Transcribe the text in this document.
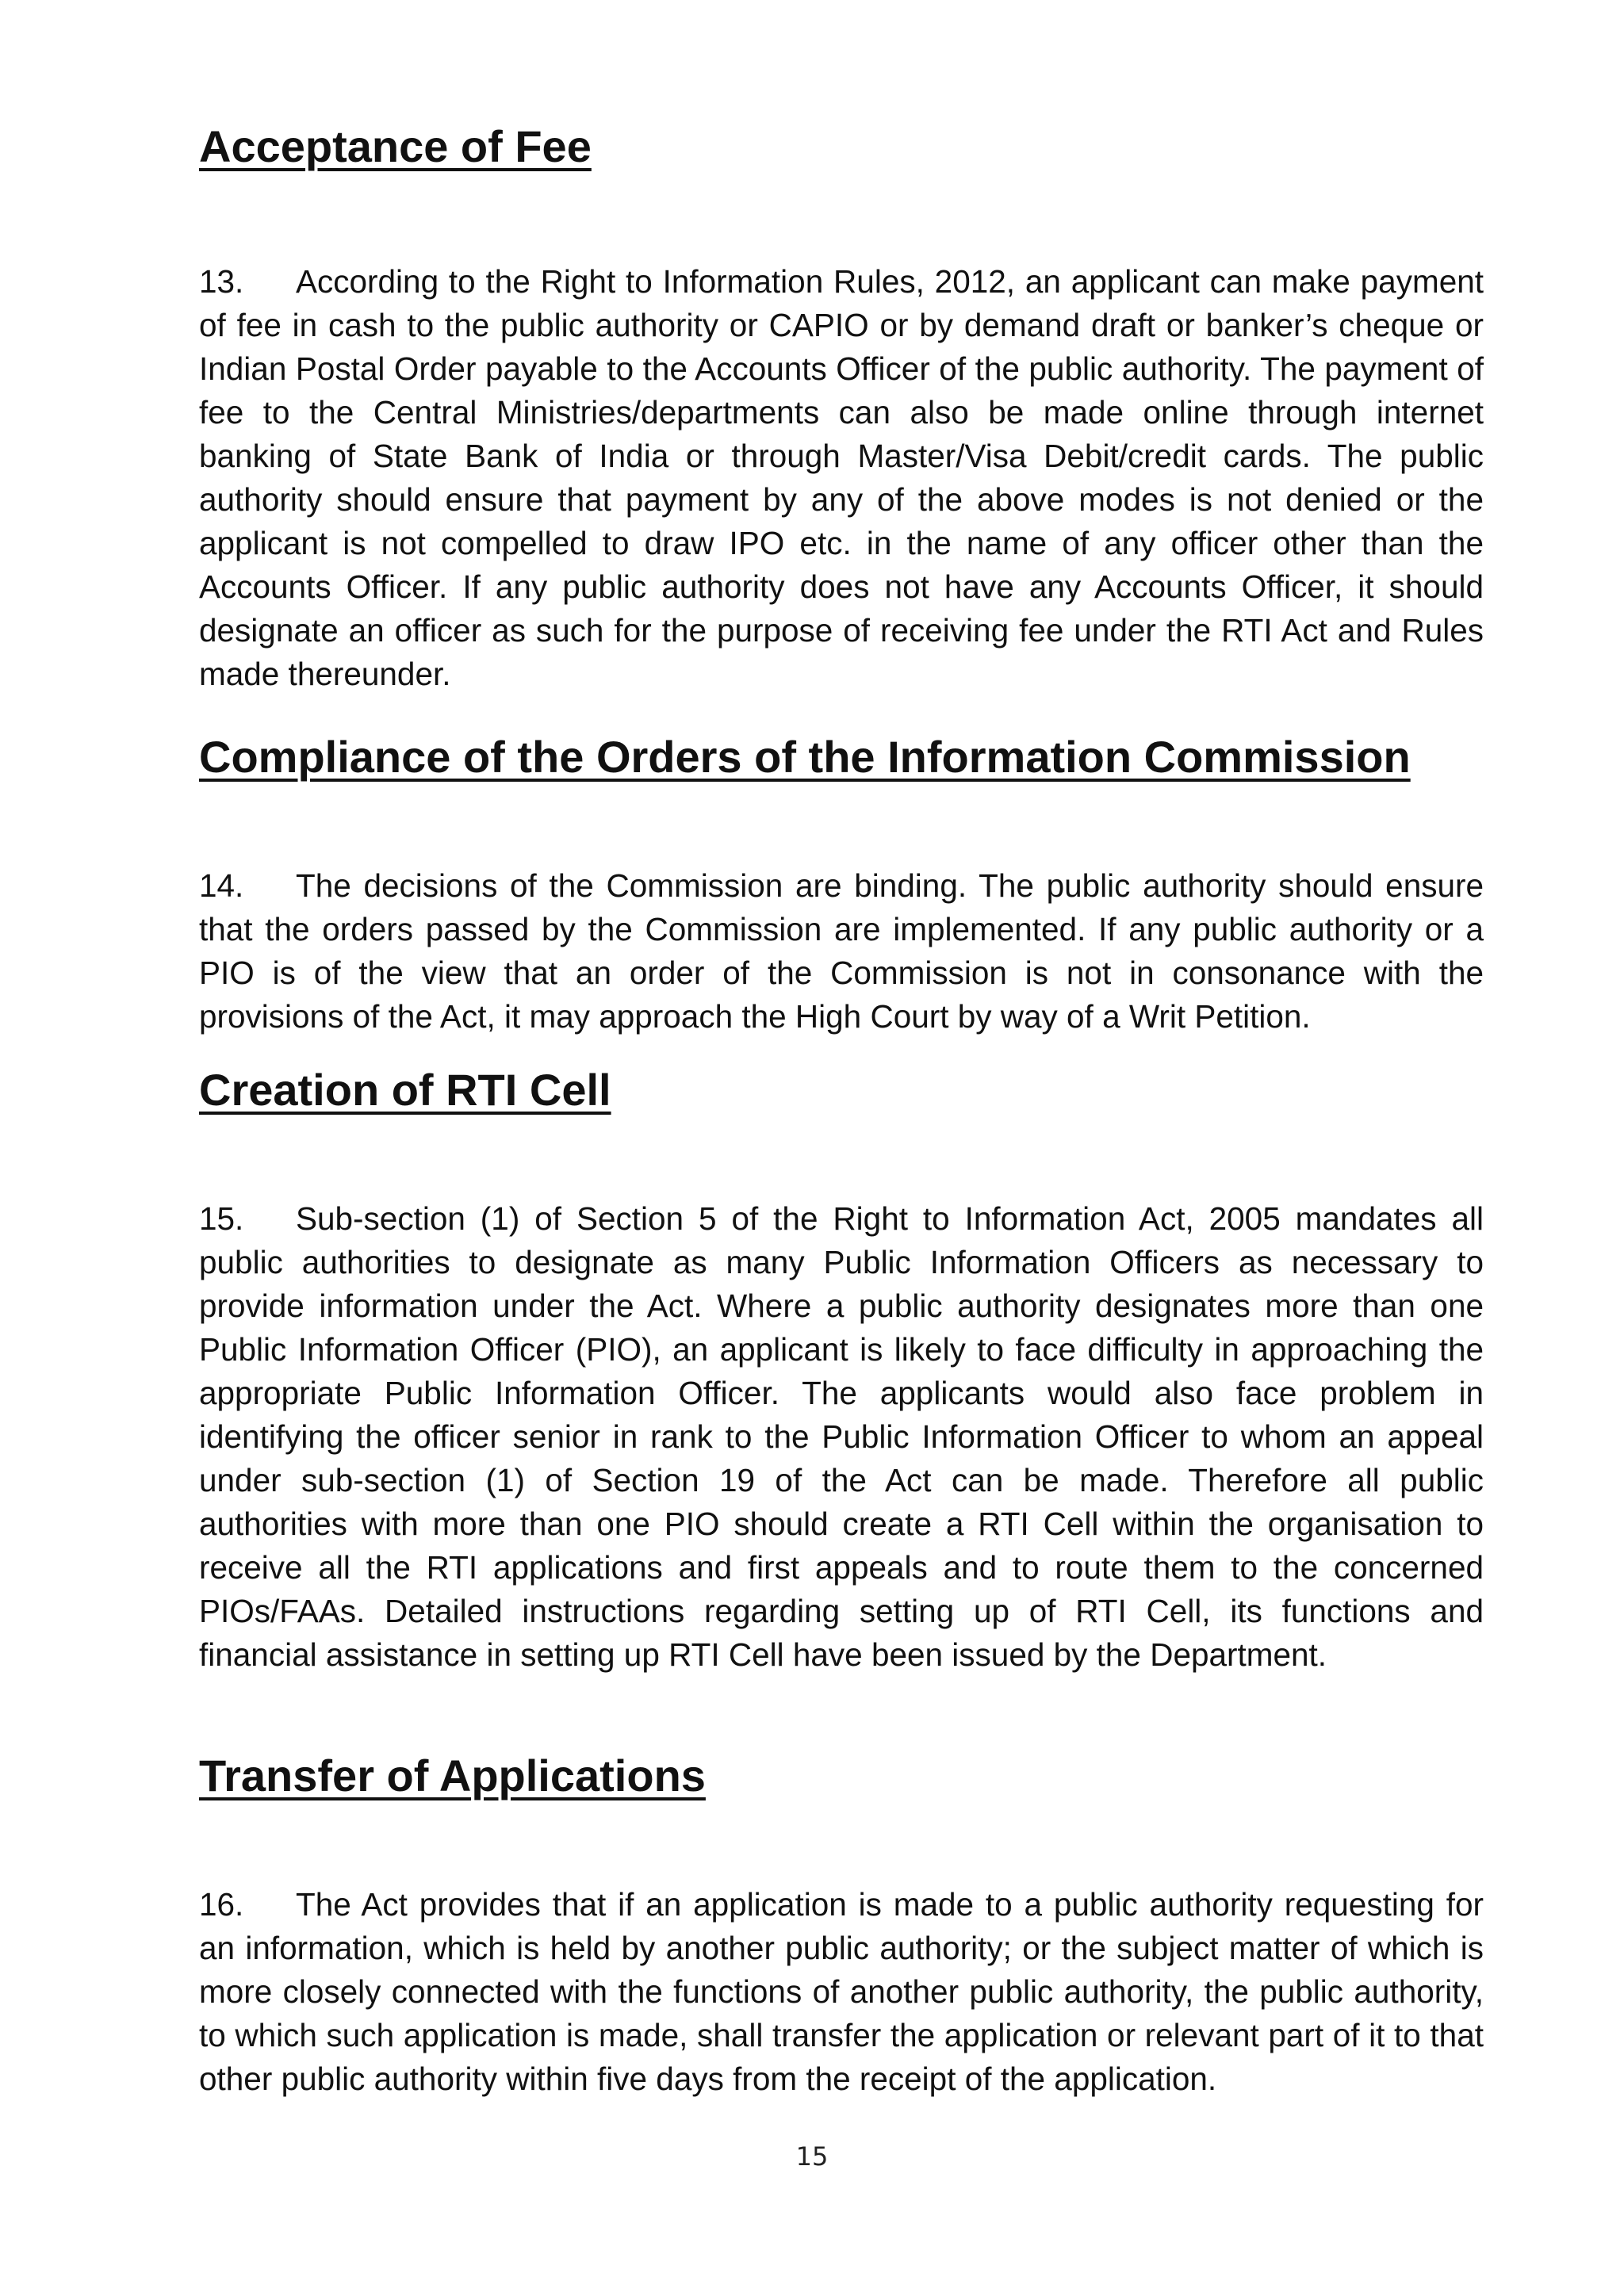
Acceptance of Fee

13. According to the Right to Information Rules, 2012, an applicant can make payment of fee in cash to the public authority or CAPIO or by demand draft or banker’s cheque or Indian Postal Order payable to the Accounts Officer of the public authority. The payment of fee to the Central Ministries/departments can also be made online through internet banking of State Bank of India or through Master/Visa Debit/credit cards. The public authority should ensure that payment by any of the above modes is not denied or the applicant is not compelled to draw IPO etc. in the name of any officer other than the Accounts Officer. If any public authority does not have any Accounts Officer, it should designate an officer as such for the purpose of receiving fee under the RTI Act and Rules made thereunder.

Compliance of the Orders of the Information Commission

14. The decisions of the Commission are binding. The public authority should ensure that the orders passed by the Commission are implemented. If any public authority or a PIO is of the view that an order of the Commission is not in consonance with the provisions of the Act, it may approach the High Court by way of a Writ Petition.

Creation of RTI Cell

15. Sub-section (1) of Section 5 of the Right to Information Act, 2005 mandates all public authorities to designate as many Public Information Officers as necessary to provide information under the Act. Where a public authority designates more than one Public Information Officer (PIO), an applicant is likely to face difficulty in approaching the appropriate Public Information Officer. The applicants would also face problem in identifying the officer senior in rank to the Public Information Officer to whom an appeal under sub-section (1) of Section 19 of the Act can be made. Therefore all public authorities with more than one PIO should create a RTI Cell within the organisation to receive all the RTI applications and first appeals and to route them to the concerned PIOs/FAAs. Detailed instructions regarding setting up of RTI Cell, its functions and financial assistance in setting up RTI Cell have been issued by the Department.

Transfer of Applications

16. The Act provides that if an application is made to a public authority requesting for an information, which is held by another public authority; or the subject matter of which is more closely connected with the functions of another public authority, the public authority, to which such application is made, shall transfer the application or relevant part of it to that other public authority within five days from the receipt of the application.

15
